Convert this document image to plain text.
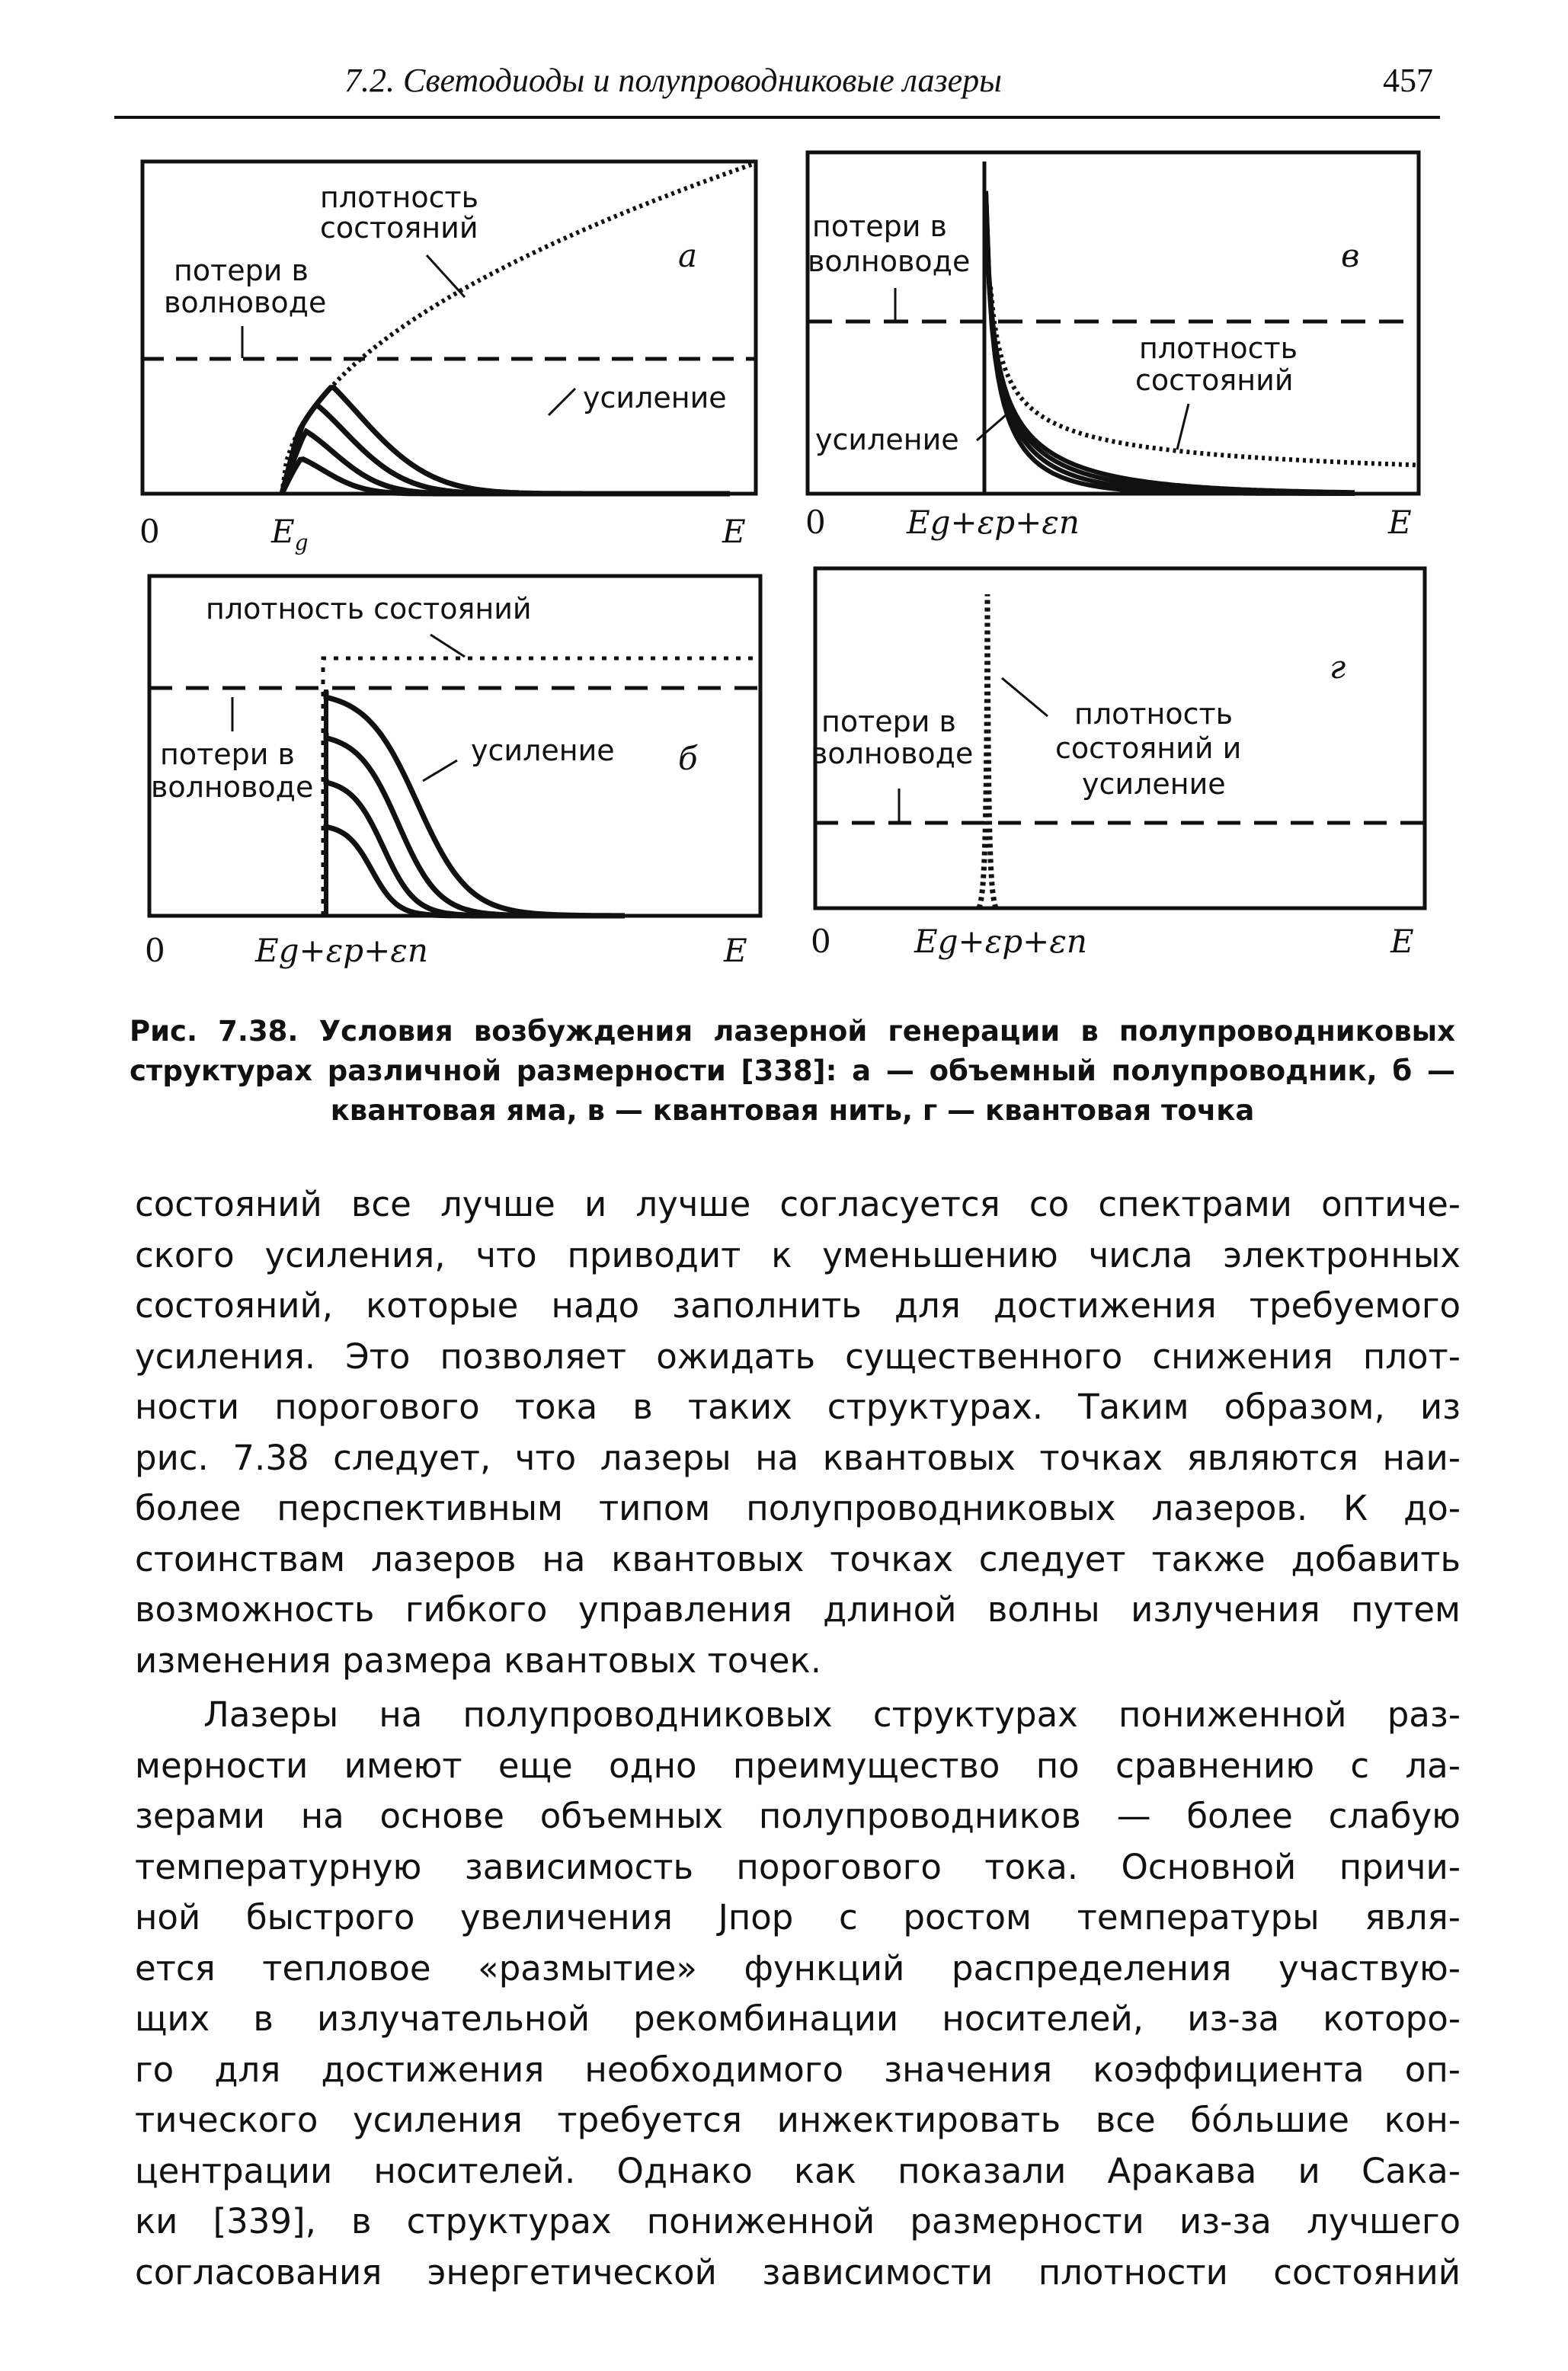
7.2. Светодиоды и полупроводниковые лазеры	457
плотность
состояний
потери в
волноводе
усиление
а
0	$E_g$	E
потери в
волноводе
плотность
состояний
усиление
в
0	Eg+εp+εn	E
плотность состояний
потери в
волноводе
усиление б
0	Eg+εp+εn	E
потери в
волноводе
плотность
состояний и
усиление
г
0	Eg+εp+εn	E
Рис. 7.38. Условия возбуждения лазерной генерации в полупроводниковых
структурах различной размерности [338]: а — объемный полупроводник, б —
квантовая яма, в — квантовая нить, г — квантовая точка
состояний все лучше и лучше согласуется со спектрами оптиче-
ского усиления, что приводит к уменьшению числа электронных
состояний, которые надо заполнить для достижения требуемого
усиления. Это позволяет ожидать существенного снижения плот-
ности порогового тока в таких структурах. Таким образом, из
рис. 7.38 следует, что лазеры на квантовых точках являются наи-
более перспективным типом полупроводниковых лазеров. К до-
стоинствам лазеров на квантовых точках следует также добавить
возможность гибкого управления длиной волны излучения путем
изменения размера квантовых точек.
Лазеры на полупроводниковых структурах пониженной раз-
мерности имеют еще одно преимущество по сравнению с ла-
зерами на основе объемных полупроводников — более слабую
температурную зависимость порогового тока. Основной причи-
ной быстрого увеличения Jпор с ростом температуры явля-
ется тепловое «размытие» функций распределения участвую-
щих в излучательной рекомбинации носителей, из-за которо-
го для достижения необходимого значения коэффициента оп-
тического усиления требуется инжектировать все бóльшие кон-
центрации носителей. Однако как показали Аракава и Сака-
ки [339], в структурах пониженной размерности из-за лучшего
согласования энергетической зависимости плотности состояний
